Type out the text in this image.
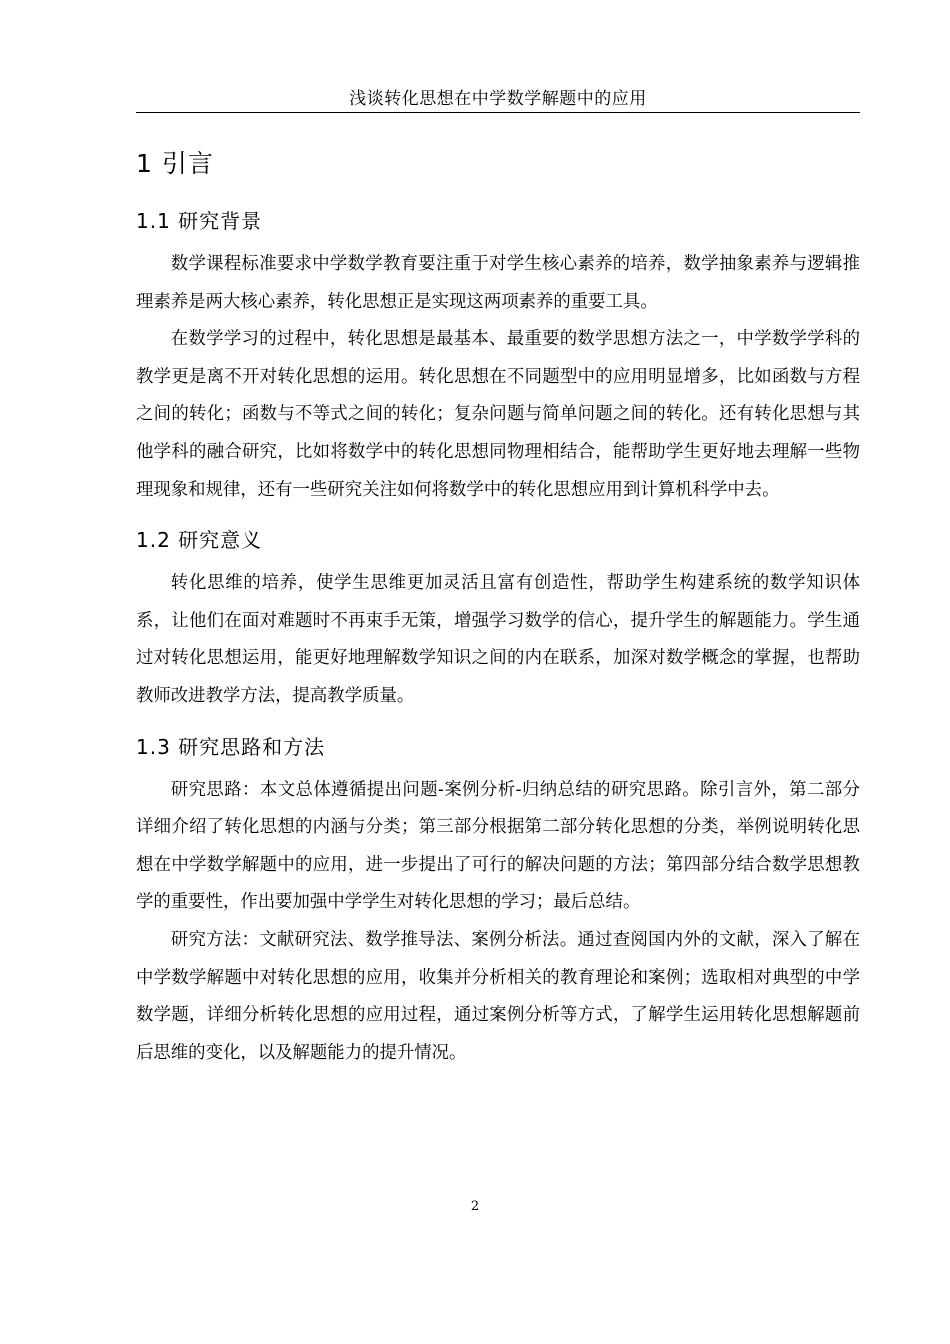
浅谈转化思想在中学数学解题中的应用
1 引言
1.1 研究背景

数学课程标准要求中学数学教育要注重于对学生核心素养的培养，数学抽象素养与逻辑推理素养是两大核心素养，转化思想正是实现这两项素养的重要工具。

在数学学习的过程中，转化思想是最基本、最重要的数学思想方法之一，中学数学学科的教学更是离不开对转化思想的运用。转化思想在不同题型中的应用明显增多，比如函数与方程之间的转化；函数与不等式之间的转化；复杂问题与简单问题之间的转化。还有转化思想与其他学科的融合研究，比如将数学中的转化思想同物理相结合，能帮助学生更好地去理解一些物理现象和规律，还有一些研究关注如何将数学中的转化思想应用到计算机科学中去。

1.2 研究意义

转化思维的培养，使学生思维更加灵活且富有创造性，帮助学生构建系统的数学知识体系，让他们在面对难题时不再束手无策，增强学习数学的信心，提升学生的解题能力。学生通过对转化思想运用，能更好地理解数学知识之间的内在联系，加深对数学概念的掌握，也帮助教师改进教学方法，提高教学质量。

1.3 研究思路和方法

研究思路：本文总体遵循提出问题-案例分析-归纳总结的研究思路。除引言外，第二部分详细介绍了转化思想的内涵与分类；第三部分根据第二部分转化思想的分类，举例说明转化思想在中学数学解题中的应用，进一步提出了可行的解决问题的方法；第四部分结合数学思想教学的重要性，作出要加强中学学生对转化思想的学习；最后总结。

研究方法：文献研究法、数学推导法、案例分析法。通过查阅国内外的文献，深入了解在中学数学解题中对转化思想的应用，收集并分析相关的教育理论和案例；选取相对典型的中学数学题，详细分析转化思想的应用过程，通过案例分析等方式，了解学生运用转化思想解题前后思维的变化，以及解题能力的提升情况。

2
